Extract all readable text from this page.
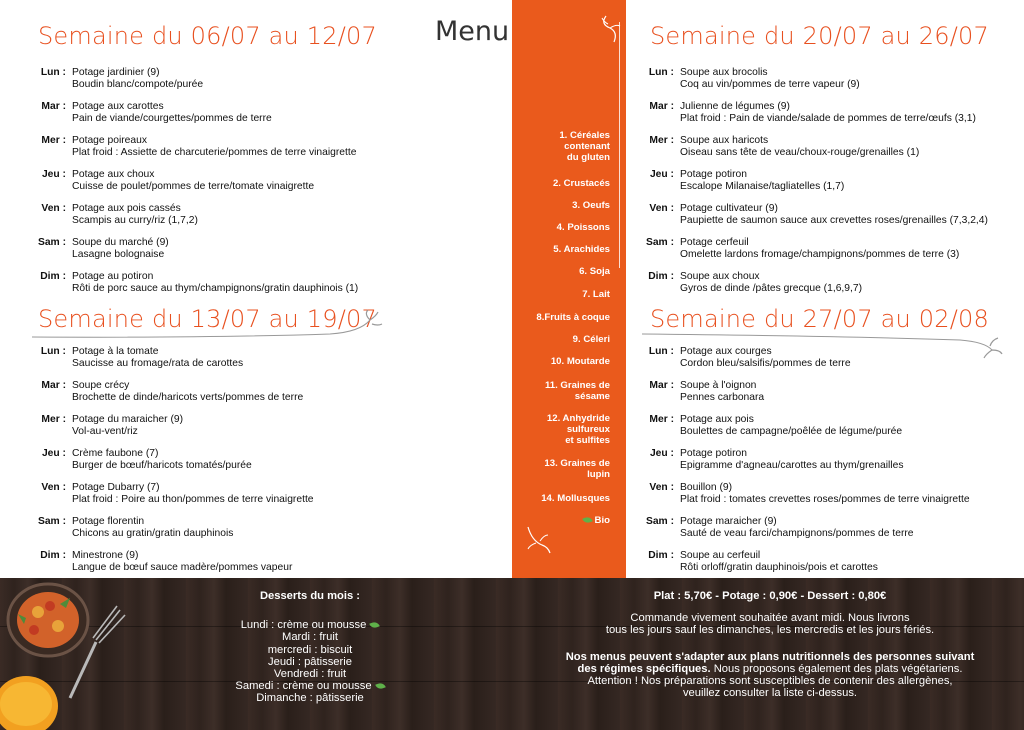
Semaine du 06/07 au 12/07
Lun : Potage jardinier (9)
Boudin blanc/compote/purée
Mar : Potage aux carottes
Pain de viande/courgettes/pommes de terre
Mer : Potage poireaux
Plat froid : Assiette de charcuterie/pommes de terre vinaigrette
Jeu : Potage aux choux
Cuisse de poulet/pommes de terre/tomate vinaigrette
Ven : Potage aux pois cassés
Scampis au curry/riz (1,7,2)
Sam : Soupe du marché (9)
Lasagne bolognaise
Dim : Potage au potiron
Rôti de porc sauce au thym/champignons/gratin dauphinois (1)
Semaine du 13/07 au 19/07
Lun : Potage à la tomate
Saucisse au fromage/rata de carottes
Mar : Soupe crécy
Brochette de dinde/haricots verts/pommes de terre
Mer : Potage du maraicher (9)
Vol-au-vent/riz
Jeu : Crème faubone (7)
Burger de bœuf/haricots tomatés/purée
Ven : Potage Dubarry (7)
Plat froid : Poire au thon/pommes de terre vinaigrette
Sam : Potage florentin
Chicons au gratin/gratin dauphinois
Dim : Minestrone (9)
Langue de bœuf sauce madère/pommes vapeur
Menu
1. Céréales
contenant
du gluten
2. Crustacés
3. Oeufs
4. Poissons
5. Arachides
6. Soja
7. Lait
8.Fruits à coque
9. Céleri
10. Moutarde
11. Graines de
sésame
12. Anhydride
sulfureux
et sulfites
13. Graines de
lupin
14. Mollusques
Bio
Semaine du 20/07 au 26/07
Lun : Soupe aux brocolis
Coq au vin/pommes de terre vapeur (9)
Mar : Julienne de légumes (9)
Plat froid : Pain de viande/salade de pommes de terre/œufs (3,1)
Mer : Soupe aux haricots
Oiseau sans tête de veau/choux-rouge/grenailles (1)
Jeu : Potage potiron
Escalope Milanaise/tagliatelles (1,7)
Ven : Potage cultivateur (9)
Paupiette de saumon sauce aux crevettes roses/grenailles (7,3,2,4)
Sam : Potage cerfeuil
Omelette lardons fromage/champignons/pommes de terre (3)
Dim : Soupe aux choux
Gyros de dinde /pâtes grecque (1,6,9,7)
Semaine du 27/07 au 02/08
Lun : Potage aux courges
Cordon bleu/salsifis/pommes de terre
Mar : Soupe à l'oignon
Pennes carbonara
Mer : Potage aux pois
Boulettes de campagne/poêlée de légume/purée
Jeu : Potage potiron
Epigramme d'agneau/carottes au thym/grenailles
Ven : Bouillon (9)
Plat froid : tomates crevettes roses/pommes de terre vinaigrette
Sam : Potage maraicher (9)
Sauté de veau farci/champignons/pommes de terre
Dim : Soupe au cerfeuil
Rôti orloff/gratin dauphinois/pois et carottes
Desserts du mois :
Lundi : crème ou mousse
Mardi : fruit
mercredi : biscuit
Jeudi : pâtisserie
Vendredi : fruit
Samedi : crème ou mousse
Dimanche : pâtisserie
Plat : 5,70€ - Potage : 0,90€ - Dessert : 0,80€
Commande vivement souhaitée avant midi. Nous livrons
tous les jours sauf les dimanches, les mercredis et les jours fériés.
Nos menus peuvent s'adapter aux plans nutritionnels des personnes suivant
des régimes spécifiques. Nous proposons également des plats végétariens.
Attention ! Nos préparations sont susceptibles de contenir des allergènes,
veuillez consulter la liste ci-dessus.
